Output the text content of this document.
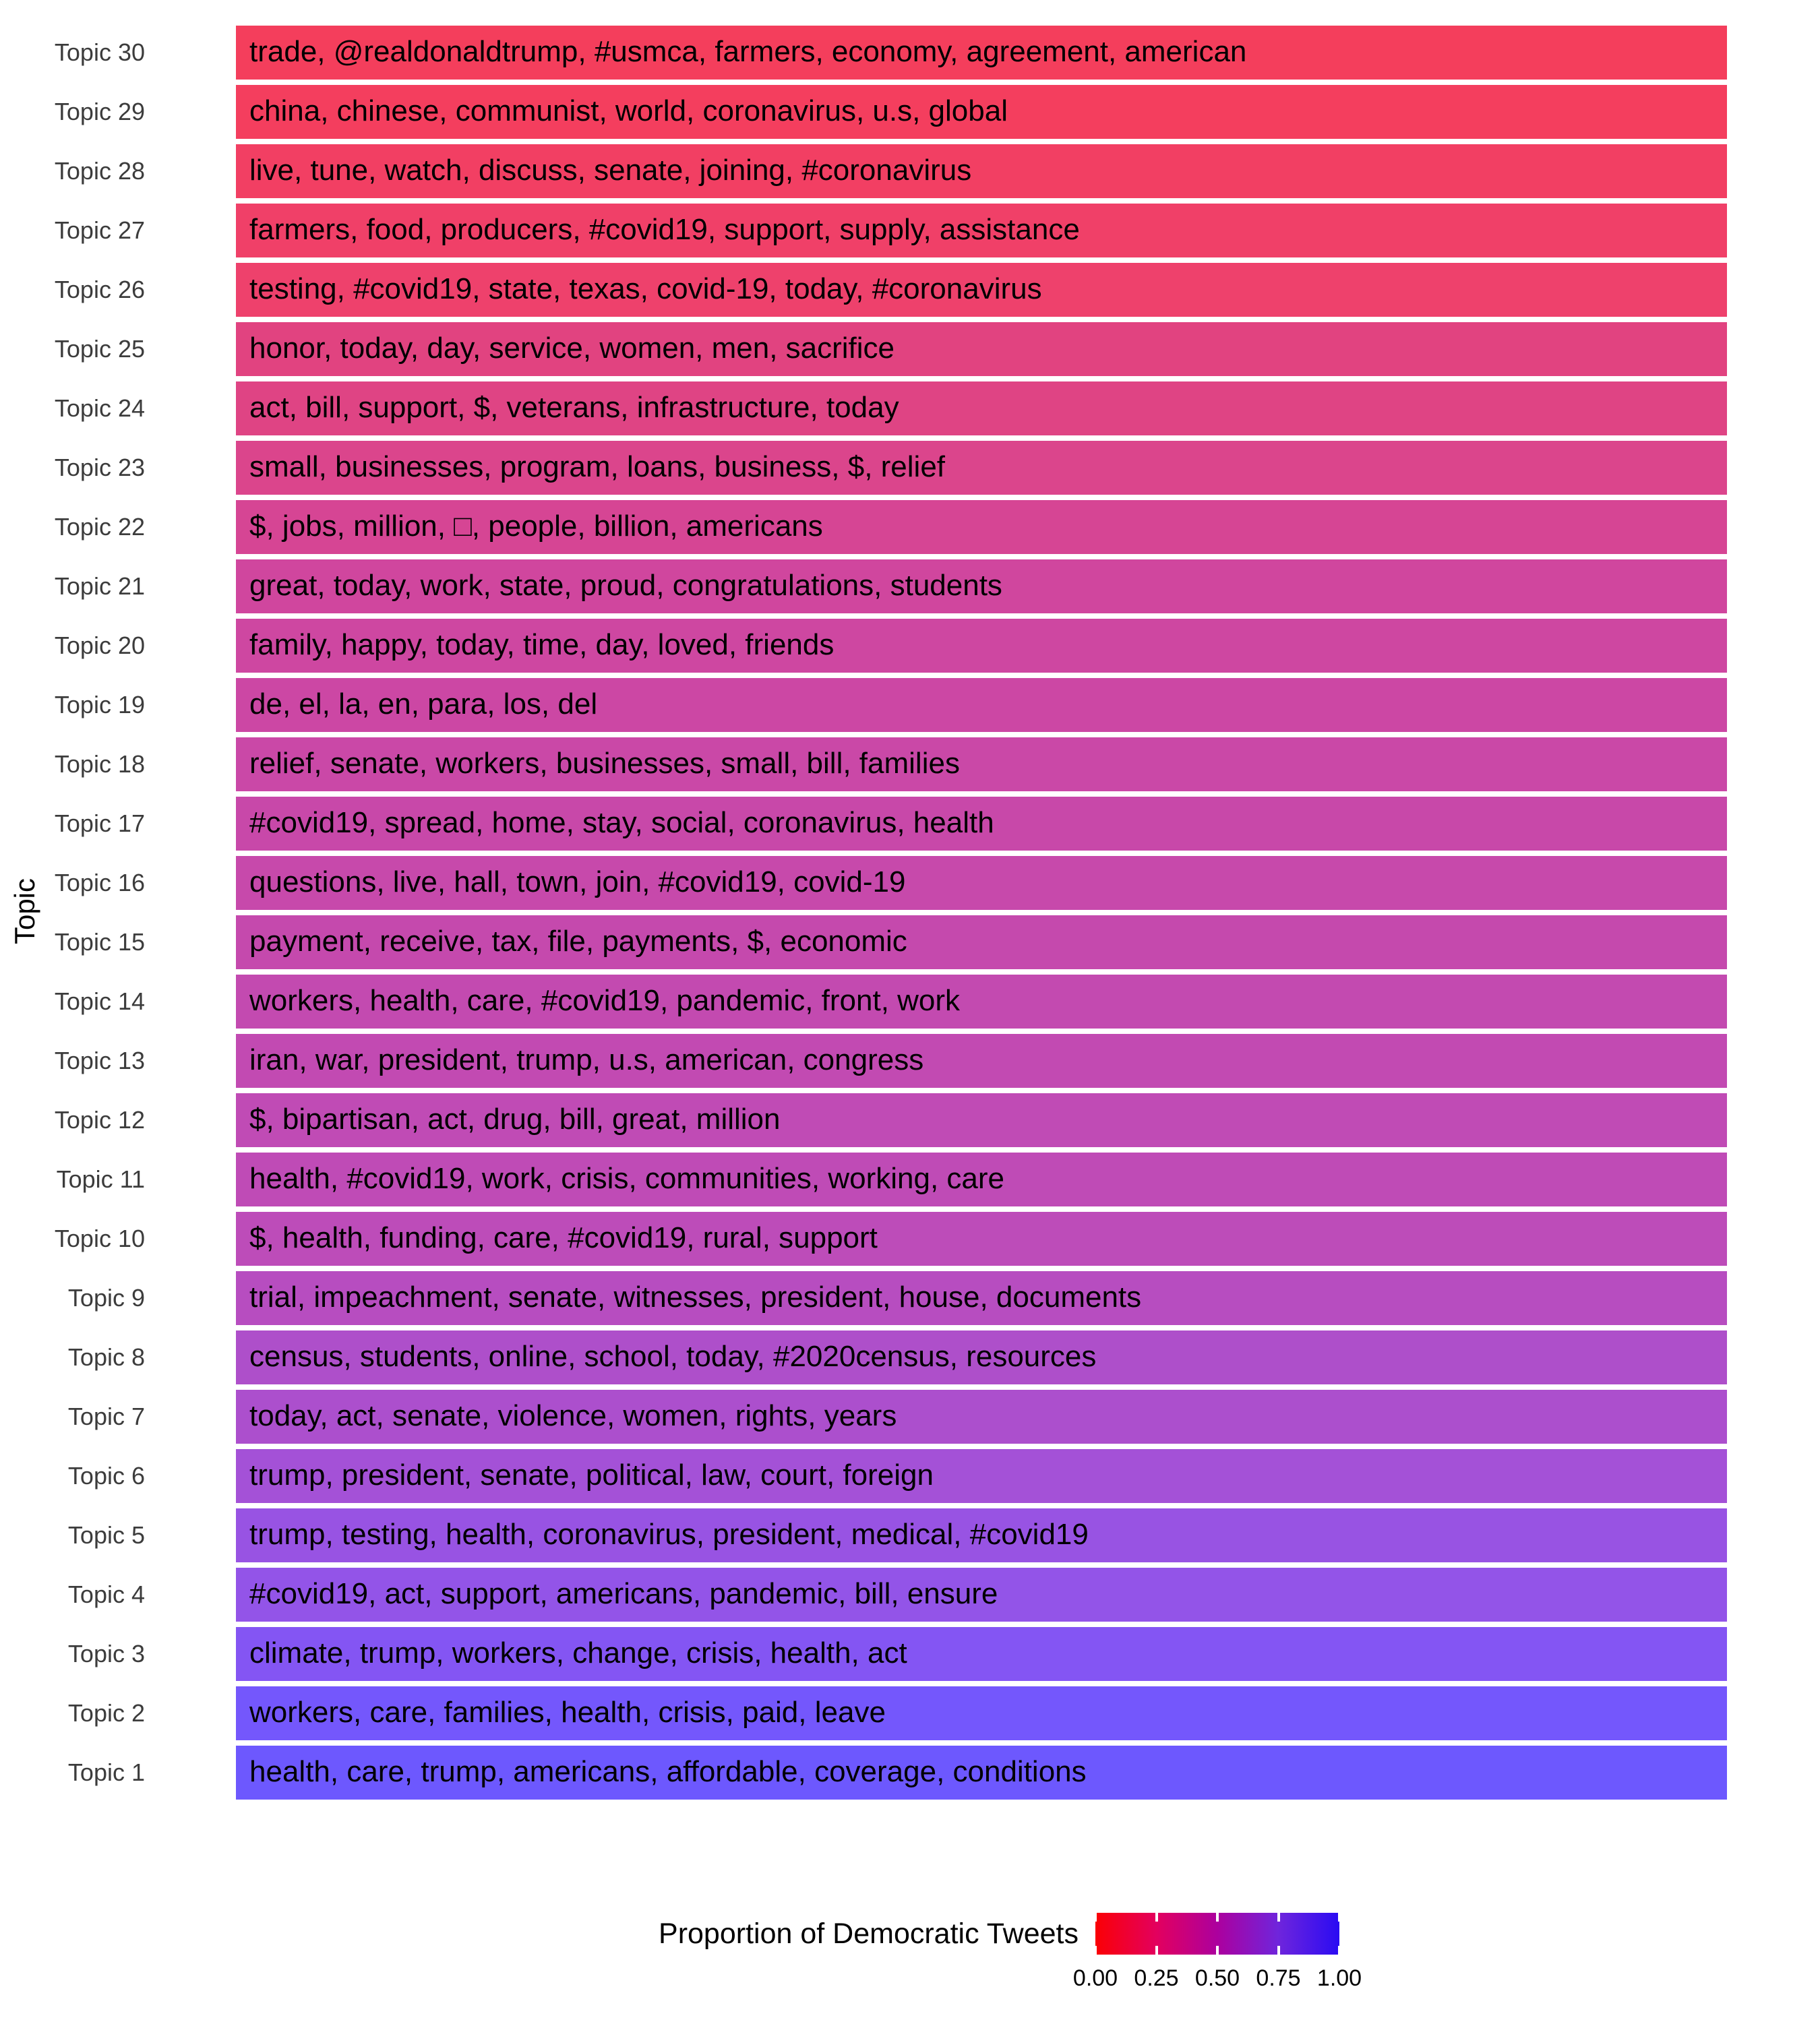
Topic
Topic 30	trade, @realdonaldtrump, #usmca, farmers, economy, agreement, american
Topic 29	china, chinese, communist, world, coronavirus, u.s, global
Topic 28	live, tune, watch, discuss, senate, joining, #coronavirus
Topic 27	farmers, food, producers, #covid19, support, supply, assistance
Topic 26	testing, #covid19, state, texas, covid-19, today, #coronavirus
Topic 25	honor, today, day, service, women, men, sacrifice
Topic 24	act, bill, support, $, veterans, infrastructure, today
Topic 23	small, businesses, program, loans, business, $, relief
Topic 22	$, jobs, million, □, people, billion, americans
Topic 21	great, today, work, state, proud, congratulations, students
Topic 20	family, happy, today, time, day, loved, friends
Topic 19	de, el, la, en, para, los, del
Topic 18	relief, senate, workers, businesses, small, bill, families
Topic 17	#covid19, spread, home, stay, social, coronavirus, health
Topic 16	questions, live, hall, town, join, #covid19, covid-19
Topic 15	payment, receive, tax, file, payments, $, economic
Topic 14	workers, health, care, #covid19, pandemic, front, work
Topic 13	iran, war, president, trump, u.s, american, congress
Topic 12	$, bipartisan, act, drug, bill, great, million
Topic 11	health, #covid19, work, crisis, communities, working, care
Topic 10	$, health, funding, care, #covid19, rural, support
Topic 9	trial, impeachment, senate, witnesses, president, house, documents
Topic 8	census, students, online, school, today, #2020census, resources
Topic 7	today, act, senate, violence, women, rights, years
Topic 6	trump, president, senate, political, law, court, foreign
Topic 5	trump, testing, health, coronavirus, president, medical, #covid19
Topic 4	#covid19, act, support, americans, pandemic, bill, ensure
Topic 3	climate, trump, workers, change, crisis, health, act
Topic 2	workers, care, families, health, crisis, paid, leave
Topic 1	health, care, trump, americans, affordable, coverage, conditions
Proportion of Democratic Tweets
0.00 0.25 0.50 0.75 1.00
